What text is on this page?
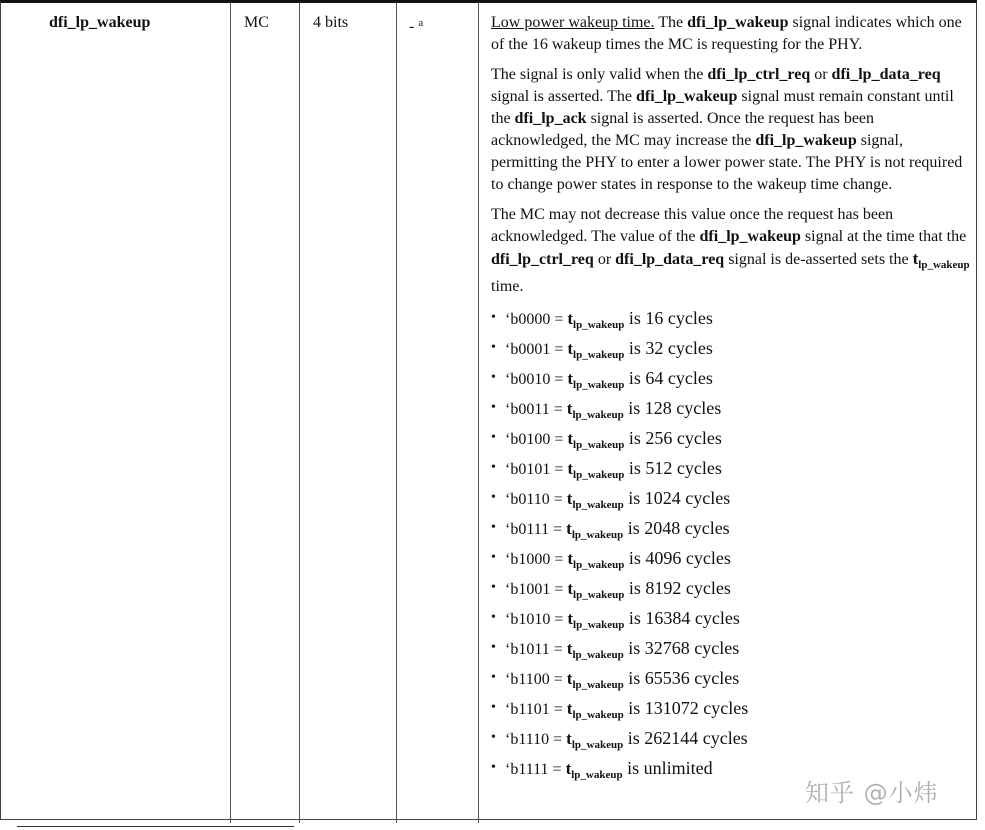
dfi_lp_wakeup	MC	4 bits	- $^a$	Low power wakeup time. The dfi_lp_wakeup signal indicates which one of the 16 wakeup times the MC is requesting for the PHY.

The signal is only valid when the dfi_lp_ctrl_req or dfi_lp_data_req signal is asserted. The dfi_lp_wakeup signal must remain constant until the dfi_lp_ack signal is asserted. Once the request has been acknowledged, the MC may increase the dfi_lp_wakeup signal, permitting the PHY to enter a lower power state. The PHY is not required to change power states in response to the wakeup time change.

The MC may not decrease this value once the request has been acknowledged. The value of the dfi_lp_wakeup signal at the time that the dfi_lp_ctrl_req or dfi_lp_data_req signal is de-asserted sets the $t_{lp\_wakeup}$ time.

• ‘$b0000 = t_{lp\_wakeup}$ is 16 cycles
• ‘$b0001 = t_{lp\_wakeup}$ is 32 cycles
• ‘$b0010 = t_{lp\_wakeup}$ is 64 cycles
• ‘$b0011 = t_{lp\_wakeup}$ is 128 cycles
• ‘$b0100 = t_{lp\_wakeup}$ is 256 cycles
• ‘$b0101 = t_{lp\_wakeup}$ is 512 cycles
• ‘$b0110 = t_{lp\_wakeup}$ is 1024 cycles
• ‘$b0111 = t_{lp\_wakeup}$ is 2048 cycles
• ‘$b1000 = t_{lp\_wakeup}$ is 4096 cycles
• ‘$b1001 = t_{lp\_wakeup}$ is 8192 cycles
• ‘$b1010 = t_{lp\_wakeup}$ is 16384 cycles
• ‘$b1011 = t_{lp\_wakeup}$ is 32768 cycles
• ‘$b1100 = t_{lp\_wakeup}$ is 65536 cycles
• ‘$b1101 = t_{lp\_wakeup}$ is 131072 cycles
• ‘$b1110 = t_{lp\_wakeup}$ is 262144 cycles
• ‘$b1111 = t_{lp\_wakeup}$ is unlimited
知乎 @小炜
